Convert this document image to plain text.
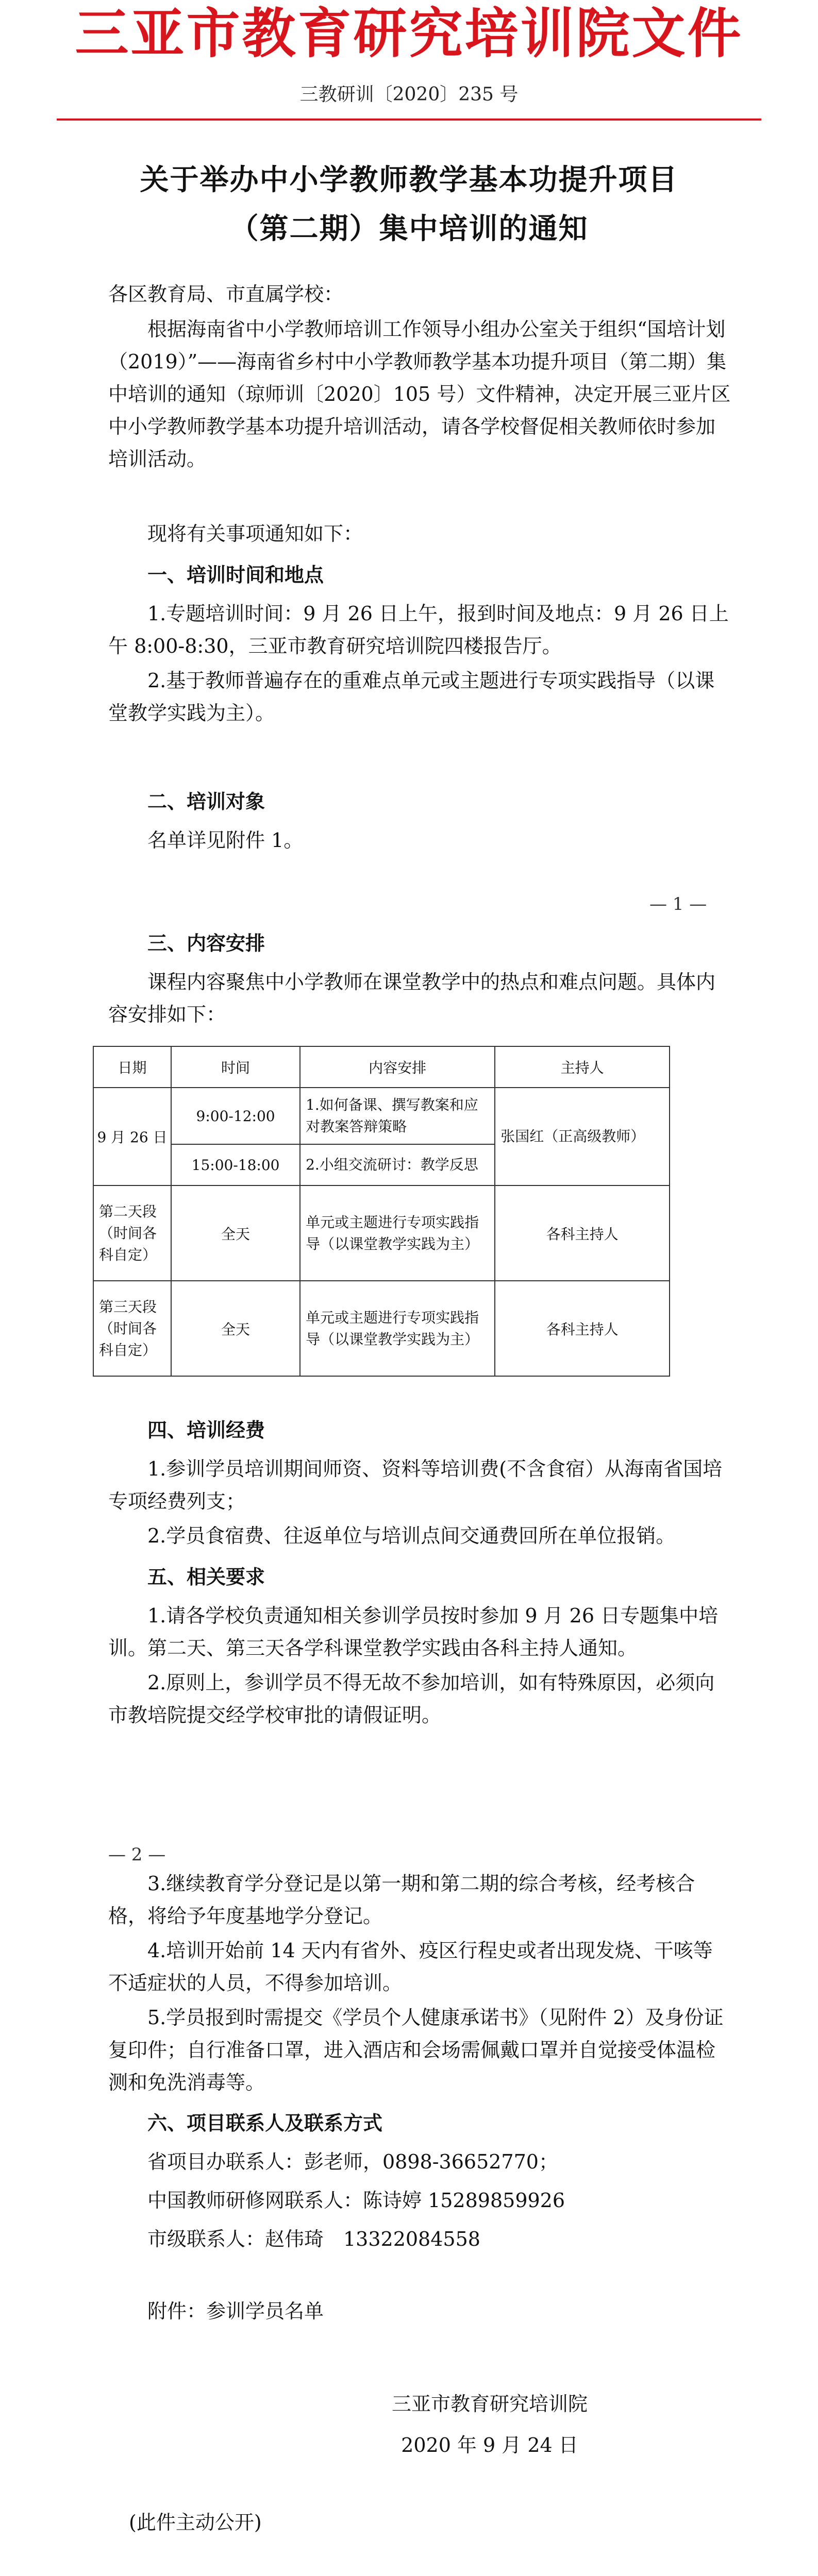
三亚市教育研究培训院文件
三教研训〔2020〕235 号
关于举办中小学教师教学基本功提升项目
（第二期）集中培训的通知
各区教育局、市直属学校：
根据海南省中小学教师培训工作领导小组办公室关于组织“国培计划（2019）”——海南省乡村中小学教师教学基本功提升项目（第二期）集中培训的通知（琼师训〔2020〕105 号）文件精神，决定开展三亚片区中小学教师教学基本功提升培训活动，请各学校督促相关教师依时参加培训活动。
现将有关事项通知如下：
一、培训时间和地点
1.专题培训时间：9 月 26 日上午，报到时间及地点：9 月 26 日上午 8:00-8:30，三亚市教育研究培训院四楼报告厅。
2.基于教师普遍存在的重难点单元或主题进行专项实践指导（以课堂教学实践为主）。
二、培训对象
名单详见附件 1。
— 1 —
三、内容安排
课程内容聚焦中小学教师在课堂教学中的热点和难点问题。具体内容安排如下：
日期	时间	内容安排	主持人
9 月 26 日	9:00-12:00	1.如何备课、撰写教案和应对教案答辩策略	张国红（正高级教师）
	15:00-18:00	2.小组交流研讨：教学反思	
第二天段（时间各科自定）	全天	单元或主题进行专项实践指导（以课堂教学实践为主）	各科主持人
第三天段（时间各科自定）	全天	单元或主题进行专项实践指导（以课堂教学实践为主）	各科主持人
四、培训经费
1.参训学员培训期间师资、资料等培训费(不含食宿）从海南省国培专项经费列支；
2.学员食宿费、往返单位与培训点间交通费回所在单位报销。
五、相关要求
1.请各学校负责通知相关参训学员按时参加 9 月 26 日专题集中培训。第二天、第三天各学科课堂教学实践由各科主持人通知。
2.原则上，参训学员不得无故不参加培训，如有特殊原因，必须向市教培院提交经学校审批的请假证明。
— 2 —
3.继续教育学分登记是以第一期和第二期的综合考核，经考核合格，将给予年度基地学分登记。
4.培训开始前 14 天内有省外、疫区行程史或者出现发烧、干咳等不适症状的人员，不得参加培训。
5.学员报到时需提交《学员个人健康承诺书》（见附件 2）及身份证复印件；自行准备口罩，进入酒店和会场需佩戴口罩并自觉接受体温检测和免洗消毒等。
六、项目联系人及联系方式
省项目办联系人：彭老师，0898-36652770；
中国教师研修网联系人：陈诗婷 15289859926
市级联系人：赵伟琦　13322084558
附件：参训学员名单
三亚市教育研究培训院
2020 年 9 月 24 日
(此件主动公开)
